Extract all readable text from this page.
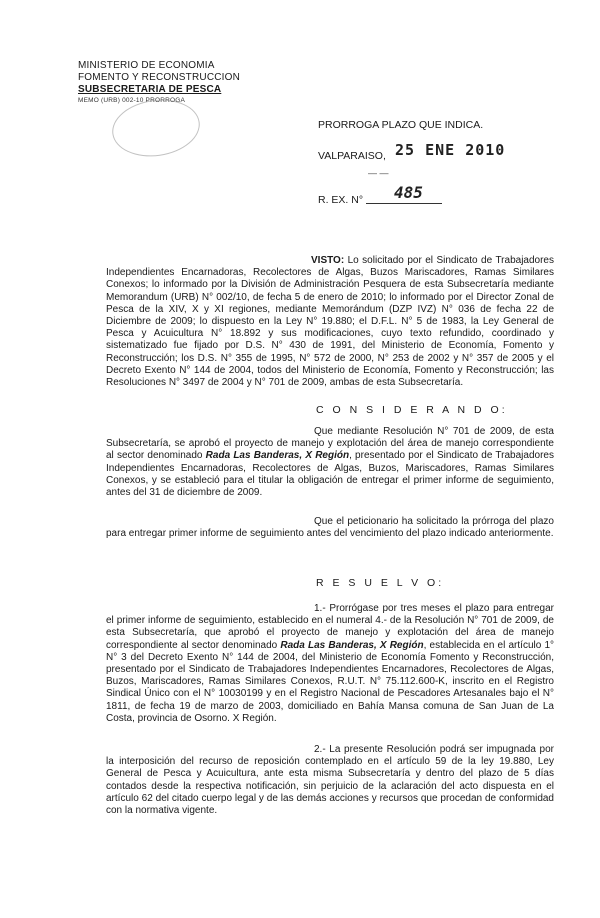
MINISTERIO DE ECONOMIA
FOMENTO Y RECONSTRUCCION
SUBSECRETARIA DE PESCA
MEMO (URB) 002-10 PRORROGA
PRORROGA PLAZO QUE INDICA.
VALPARAISO, 25 ENE 2010
— —
R. EX. N° 485
VISTO: Lo solicitado por el Sindicato de Trabajadores Independientes Encarnadoras, Recolectores de Algas, Buzos Mariscadores, Ramas Similares Conexos; lo informado por la División de Administración Pesquera de esta Subsecretaría mediante Memorandum (URB) N° 002/10, de fecha 5 de enero de 2010; lo informado por el Director Zonal de Pesca de la XIV, X y XI regiones, mediante Memorándum (DZP IVZ) N° 036 de fecha 22 de Diciembre de 2009; lo dispuesto en la Ley N° 19.880; el D.F.L. N° 5 de 1983, la Ley General de Pesca y Acuicultura N° 18.892 y sus modificaciones, cuyo texto refundido, coordinado y sistematizado fue fijado por D.S. N° 430 de 1991, del Ministerio de Economía, Fomento y Reconstrucción; los D.S. N° 355 de 1995, N° 572 de 2000, N° 253 de 2002 y N° 357 de 2005 y el Decreto Exento N° 144 de 2004, todos del Ministerio de Economía, Fomento y Reconstrucción; las Resoluciones N° 3497 de 2004 y N° 701 de 2009, ambas de esta Subsecretaría.
C O N S I D E R A N D O:
Que mediante Resolución N° 701 de 2009, de esta Subsecretaría, se aprobó el proyecto de manejo y explotación del área de manejo correspondiente al sector denominado Rada Las Banderas, X Región, presentado por el Sindicato de Trabajadores Independientes Encarnadoras, Recolectores de Algas, Buzos, Mariscadores, Ramas Similares Conexos, y se estableció para el titular la obligación de entregar el primer informe de seguimiento, antes del 31 de diciembre de 2009.
Que el peticionario ha solicitado la prórroga del plazo para entregar primer informe de seguimiento antes del vencimiento del plazo indicado anteriormente.
R E S U E L V O:
1.- Prorrógase por tres meses el plazo para entregar el primer informe de seguimiento, establecido en el numeral 4.- de la Resolución N° 701 de 2009, de esta Subsecretaría, que aprobó el proyecto de manejo y explotación del área de manejo correspondiente al sector denominado Rada Las Banderas, X Región, establecida en el artículo 1° N° 3 del Decreto Exento N° 144 de 2004, del Ministerio de Economía Fomento y Reconstrucción, presentado por el Sindicato de Trabajadores Independientes Encarnadores, Recolectores de Algas, Buzos, Mariscadores, Ramas Similares Conexos, R.U.T. N° 75.112.600-K, inscrito en el Registro Sindical Único con el N° 10030199 y en el Registro Nacional de Pescadores Artesanales bajo el N° 1811, de fecha 19 de marzo de 2003, domiciliado en Bahía Mansa comuna de San Juan de La Costa, provincia de Osorno. X Región.
2.- La presente Resolución podrá ser impugnada por la interposición del recurso de reposición contemplado en el artículo 59 de la ley 19.880, Ley General de Pesca y Acuicultura, ante esta misma Subsecretaría y dentro del plazo de 5 días contados desde la respectiva notificación, sin perjuicio de la aclaración del acto dispuesta en el artículo 62 del citado cuerpo legal y de las demás acciones y recursos que procedan de conformidad con la normativa vigente.
